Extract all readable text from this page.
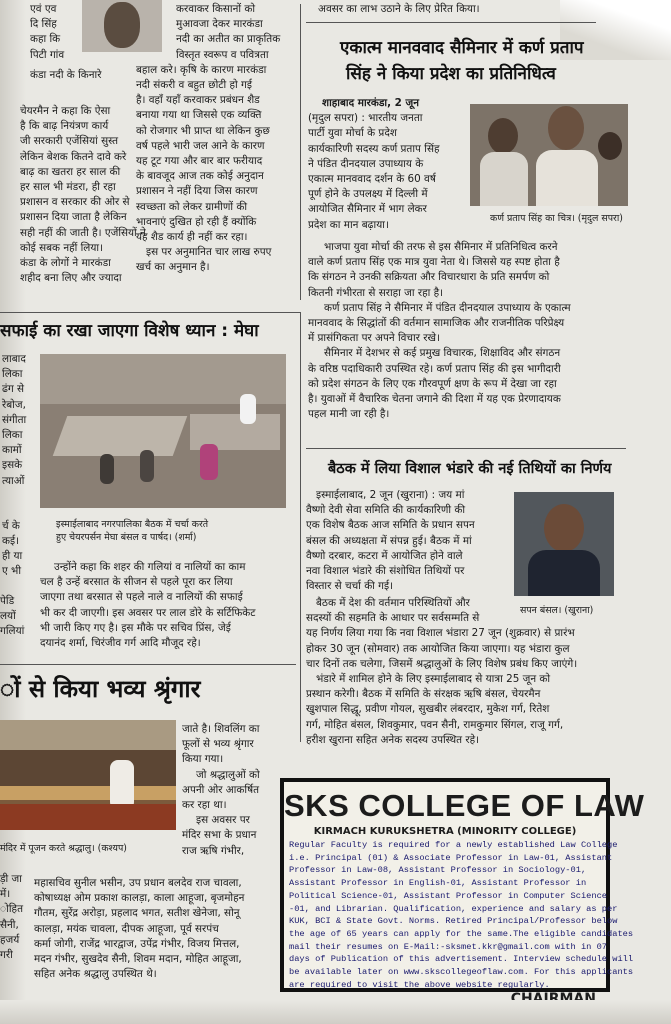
एवं एव
दि सिंह
कहा कि
पिटी गांव
कंडा नदी के किनारे
चेयरमैन ने कहा कि ऐसा
है कि बाढ़ नियंत्रण कार्य
जी सरकारी एजेंसियां सुस्त
लेकिन बेशक कितने दावे करे
बाढ़ का खतरा हर साल की
हर साल भी मंडरा, ही रहा
प्रशासन व सरकार की ओर से
प्रशासन दिया जाता है लेकिन
सही नहीं की जाती है। एजेंसियों ने
कोई सबक नहीं लिया।
कंडा के लोगों ने मारकंडा
शहीद बना लिए और ज्यादा
करवाकर किसानों को
मुआवजा देकर मारकंडा
नदी का अतीत का प्राकृतिक
विस्तृत स्वरूप व पवित्रता
बहाल करे। कृषि के कारण मारकंडा
नदी संकरी व बहुत छोटी हो गई
है। वहाँ यहाँ करवाकर प्रबंधन शैड
बनाया गया था जिससे एक व्यक्ति
को रोजगार भी प्राप्त था लेकिन कुछ
वर्ष पहले भारी जल आने के कारण
यह टूट गया और बार बार फरीयाद
के बावजूद आज तक कोई अनुदान
प्रशासन ने नहीं दिया जिस कारण
स्वच्छता को लेकर ग्रामीणों की
भावनाएं दुखित हो रही हैं क्योंकि
यह शैड कार्य ही नहीं कर रहा।
इस पर अनुमानित चार लाख रुपए
खर्च का अनुमान है।
अवसर का लाभ उठाने के लिए प्रेरित किया।
एकात्म मानववाद सैमिनार में कर्ण प्रताप
सिंह ने किया प्रदेश का प्रतिनिधित्व
शाहाबाद मारकंडा, 2 जून
(मृदुल सपरा) : भारतीय जनता
पार्टी युवा मोर्चा के प्रदेश
कार्यकारिणी सदस्य कर्ण प्रताप सिंह
ने पंडित दीनदयाल उपाध्याय के
एकात्म मानववाद दर्शन के 60 वर्ष
पूर्ण होने के उपलक्ष्य में दिल्ली में
आयोजित सैमिनार में भाग लेकर
प्रदेश का मान बढ़ाया।
कर्ण प्रताप सिंह का चित्र। (मृदुल सपरा)
भाजपा युवा मोर्चा की तरफ से इस सैमिनार में प्रतिनिधित्व करने
वाले कर्ण प्रताप सिंह एक मात्र युवा नेता थे। जिससे यह स्पष्ट होता है
कि संगठन ने उनकी सक्रियता और विचारधारा के प्रति समर्पण को
कितनी गंभीरता से सराहा जा रहा है।
कर्ण प्रताप सिंह ने सैमिनार में पंडित दीनदयाल उपाध्याय के एकात्म
मानववाद के सिद्धांतों की वर्तमान सामाजिक और राजनीतिक परिप्रेक्ष्य
में प्रासंगिकता पर अपने विचार रखे।
सैमिनार में देशभर से कई प्रमुख विचारक, शिक्षाविद और संगठन
के वरिष्ठ पदाधिकारी उपस्थित रहे। कर्ण प्रताप सिंह की इस भागीदारी
को प्रदेश संगठन के लिए एक गौरवपूर्ण क्षण के रूप में देखा जा रहा
है। युवाओं में वैचारिक चेतना जगाने की दिशा में यह एक प्रेरणादायक
पहल मानी जा रही है।
सफाई का रखा जाएगा विशेष ध्यान : मेघा
लाबाद
लिका
ढंग से
रेबोज,
संगीता
लिका
कामों
इसके
त्याओं
र्च के
कई।
ही या
ए भी
इस्माईलाबाद नगरपालिका बैठक में चर्चा करते
हुए चेयरपर्सन मेघा बंसल व पार्षद। (शर्मा)
उन्होंने कहा कि शहर की गलियां व नालियों का काम
चल है उन्हें बरसात के सीजन से पहले पूरा कर लिया
जाएगा तथा बरसात से पहले नाले व नालियों की सफाई
भी कर दी जाएगी। इस अवसर पर लाल डोरे के सर्टिफिकेट
भी जारी किए गए है। इस मौके पर सचिव प्रिंस, जेई
दयानंद शर्मा, चिरंजीव गर्ग आदि मौजूद रहे।
पेडि
लयों
गलियां
बैठक में लिया विशाल भंडारे की नई तिथियों का निर्णय
इस्माईलाबाद, 2 जून (खुराना) : जय मां
वैष्णो देवी सेवा समिति की कार्यकारिणी की
एक विशेष बैठक आज समिति के प्रधान सपन
बंसल की अध्यक्षता में संपन्न हुई। बैठक में मां
वैष्णो दरबार, कटरा में आयोजित होने वाले
नवा विशाल भंडारे की संशोधित तिथियों पर
विस्तार से चर्चा की गई।
सपन बंसल। (खुराना)
बैठक में देश की वर्तमान परिस्थितियों और
सदस्यों की सहमति के आधार पर सर्वसम्मति से
यह निर्णय लिया गया कि नवा विशाल भंडारा 27 जून (शुक्रवार) से प्रारंभ
होकर 30 जून (सोमवार) तक आयोजित किया जाएगा। यह भंडारा कुल
चार दिनों तक चलेगा, जिसमें श्रद्धालुओं के लिए विशेष प्रबंध किए जाएंगे।
भंडारे में शामिल होने के लिए इस्माईलाबाद से यात्रा 25 जून को
प्रस्थान करेगी। बैठक में समिति के संरक्षक ऋषि बंसल, चेयरमैन
खुशपाल सिद्धू, प्रवीण गोयल, सुखबीर लंबरदार, मुकेश गर्ग, रितेश
गर्ग, मोहित बंसल, शिवकुमार, पवन सैनी, रामकुमार सिंगल, राजू गर्ग,
हरीश खुराना सहित अनेक सदस्य उपस्थित रहे।
ों से किया भव्य श्रृंगार
मंदिर में पूजन करते श्रद्धालु। (कश्यप)
जाते है। शिवलिंग का
फूलों से भव्य श्रृंगार
किया गया।
जो श्रद्धालुओं को
अपनी ओर आकर्षित
कर रहा था।
इस अवसर पर
मंदिर सभा के प्रधान
राज ऋषि गंभीर,
ड़ी जा
में।
ोहित
सैनी,
हजर्य
गरी
महासचिव सुनील भसीन, उप प्रधान बलदेव राज चावला,
कोषाध्यक्ष ओम प्रकाश कालड़ा, काला आहूजा, बृजमोहन
गौतम, सुरेंद्र अरोड़ा, प्रहलाद भगत, सतीश खेनेजा, सोनू
कालड़ा, मयंक चावला, दीपक आहूजा, पूर्व सरपंच
कर्मा जोगी, राजेंद्र भारद्वाज, उपेंद्र गंभीर, विजय मित्तल,
मदन गंभीर, सुखदेव सैनी, शिवम मदान, मोहित आहूजा,
सहित अनेक श्रद्धालु उपस्थित थे।
SKS COLLEGE OF LAW
KIRMACH KURUKSHETRA (MINORITY COLLEGE)
Regular Faculty is required for a newly established Law College
i.e. Principal (01) & Associate Professor in Law-01, Assistant
Professor in Law-08, Assistant Professor in Sociology-01,
Assistant Professor in English-01, Assistant Professor in
Political Science-01, Assistant Professor in Computer Science
-01, and Librarian. Qualification, experience and salary as per
KUK, BCI & State Govt. Norms. Retired Principal/Professor below
the age of 65 years can apply for the same.The eligible candidates
mail their resumes on E-Mail:-sksmet.kkr@gmail.com with in 07
days of Publication of this advertisement. Interview schedule will
be available later on www.skscollegeoflaw.com. For this applicants
are required to visit the above website regularly.
